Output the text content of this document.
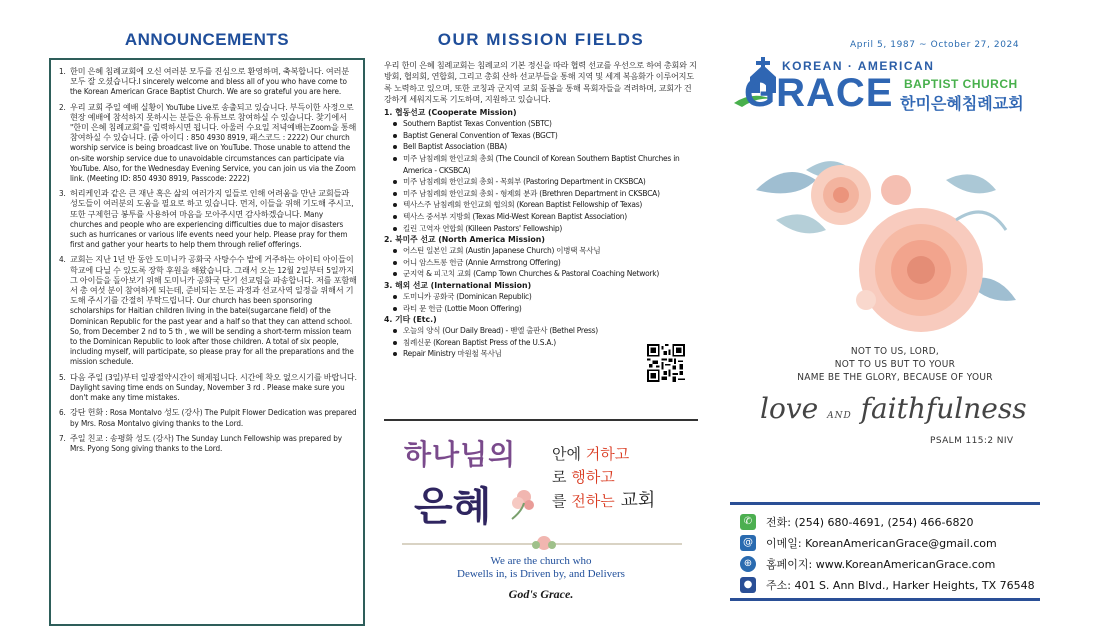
ANNOUNCEMENTS
1. 한미 은혜 침례교회에 오신 여러분 모두를 진심으로 환영하며, 축복합니다. 여러분 모두 잘 오셨습니다.I sincerely welcome and bless all of you who have come to the Korean American Grace Baptist Church. We are so grateful you are here.
2. 우리 교회 주일 예배 실황이 YouTube Live로 송출되고 있습니다. 부득이한 사정으로 현장 예배에 참석하지 못하시는 분들은 유튜브로 참여하실 수 있습니다. 찾기에서 "한미 은혜 침례교회"를 입력하시면 됩니다. 아울러 수요일 저녁예배는Zoom을 통해 참여하실 수 있습니다. (줌 아이디 : 850 4930 8919, 패스코드 : 2222) Our church worship service is being broadcast live on YouTube. Those unable to attend the on-site worship service due to unavoidable circumstances can participate via YouTube. Also, for the Wednesday Evening Service, you can join us via the Zoom link. (Meeting ID: 850 4930 8919, Passcode: 2222)
3. 허리케인과 같은 큰 재난 혹은 삶의 여러가지 일들로 인해 어려움을 만난 교회들과 성도들이 여러분의 도움을 필요로 하고 있습니다. 먼저, 이들을 위해 기도해 주시고, 또한 구제헌금 봉투를 사용하여 마음을 모아주시면 감사하겠습니다. Many churches and people who are experiencing difficulties due to major disasters such as hurricanes or various life events need your help. Please pray for them first and gather your hearts to help them through relief offerings.
4. 교회는 지난 1년 반 동안 도미니카 공화국 사탕수수 밭에 거주하는 아이티 아이들이 학교에 다닐 수 있도록 장학 후원을 해왔습니다. 그래서 오는 12월 2일부터 5일까지 그 아이들을 돌아보기 위해 도미니카 공화국 단기 선교팀을 파송합니다. 저를 포함해서 총 여섯 분이 참여하게 되는데, 준비되는 모든 과정과 선교사역 일정을 위해서 기도해 주시기를 간절히 부탁드립니다. Our church has been sponsoring scholarships for Haitian children living in the batei(sugarcane field) of the Dominican Republic for the past year and a half so that they can attend school. So, from December 2 nd to 5 th , we will be sending a short-term mission team to the Dominican Republic to look after those children. A total of six people, including myself, will participate, so please pray for all the preparations and the mission schedule.
5. 다음 주일 (3일)부터 일광절약시간이 해제됩니다. 시간에 착오 없으시기를 바랍니다. Daylight saving time ends on Sunday, November 3 rd . Please make sure you don't make any time mistakes.
6. 강단 헌화 : Rosa Montalvo 성도 (강사) The Pulpit Flower Dedication was prepared by Mrs. Rosa Montalvo giving thanks to the Lord.
7. 주일 친교 : 송평화 성도 (강사) The Sunday Lunch Fellowship was prepared by Mrs. Pyong Song giving thanks to the Lord.
OUR MISSION FIELDS

우리 한미 은혜 침례교회는 침례교의 기본 정신을 따라 협력 선교를 우선으로 하여 총회와 지방회, 협의회, 연합회, 그리고 총회 산하 선교부들을 통해 지역 및 세계 복음화가 이루어지도록 노력하고 있으며, 또한 코칭과 군지역 교회 돌봄을 통해 목회자들을 격려하며, 교회가 건강하게 세워지도록 기도하며, 지원하고 있습니다.

1. 협동선교 (Cooperate Mission)
Southern Baptist Texas Convention (SBTC)
Baptist General Convention of Texas (BGCT)
Bell Baptist Association (BBA)
미주 남침례회 한인교회 총회 (The Council of Korean Southern Baptist Churches in America - CKSBCA)
미주 남침례회 한인교회 총회 - 목회부 (Pastoring Department in CKSBCA)
미주 남침례회 한인교회 총회 - 형제회 분과 (Brethren Department in CKSBCA)
텍사스주 남침례회 한인교회 협의회 (Korean Baptist Fellowship of Texas)
텍사스 중서부 지방회 (Texas Mid-West Korean Baptist Association)
킬린 고역자 연합회 (Killeen Pastors' Fellowship)
2. 북미주 선교 (North America Mission)
어스틴 일본인 교회 (Austin Japanese Church) 이병택 목사님
어니 암스트롱 헌금 (Annie Armstrong Offering)
군지역 & 피고치 교회 (Camp Town Churches & Pastoral Coaching Network)
3. 해외 선교 (International Mission)
도미니카 공화국 (Dominican Republic)
라티 문 헌금 (Lottie Moon Offering)
4. 기타 (Etc.)
오늘의 양식 (Our Daily Bread) - 벧엘 출판사 (Bethel Press)
침례신문 (Korean Baptist Press of the U.S.A.)
Repair Ministry 마원철 목사님
하나님의
은혜
안에 거하고
로 행하고
를 전하는 교회
We are the church who
Dewells in, is Driven by, and Delivers
God's Grace.
April 5, 1987 ~ October 27, 2024
KOREAN · AMERICAN
GRACE BAPTIST CHURCH
한미은혜침례교회
NOT TO US, LORD,
NOT TO US BUT TO YOUR
NAME BE THE GLORY, BECAUSE OF YOUR
love AND faithfulness
PSALM 115:2 NIV
✆	전화: (254) 680-4691, (254) 466-6820
@ 이메일: KoreanAmericanGrace@gmail.com
⊕	홈페이지: www.KoreanAmericanGrace.com
●	주소: 401 S. Ann Blvd., Harker Heights, TX 76548
